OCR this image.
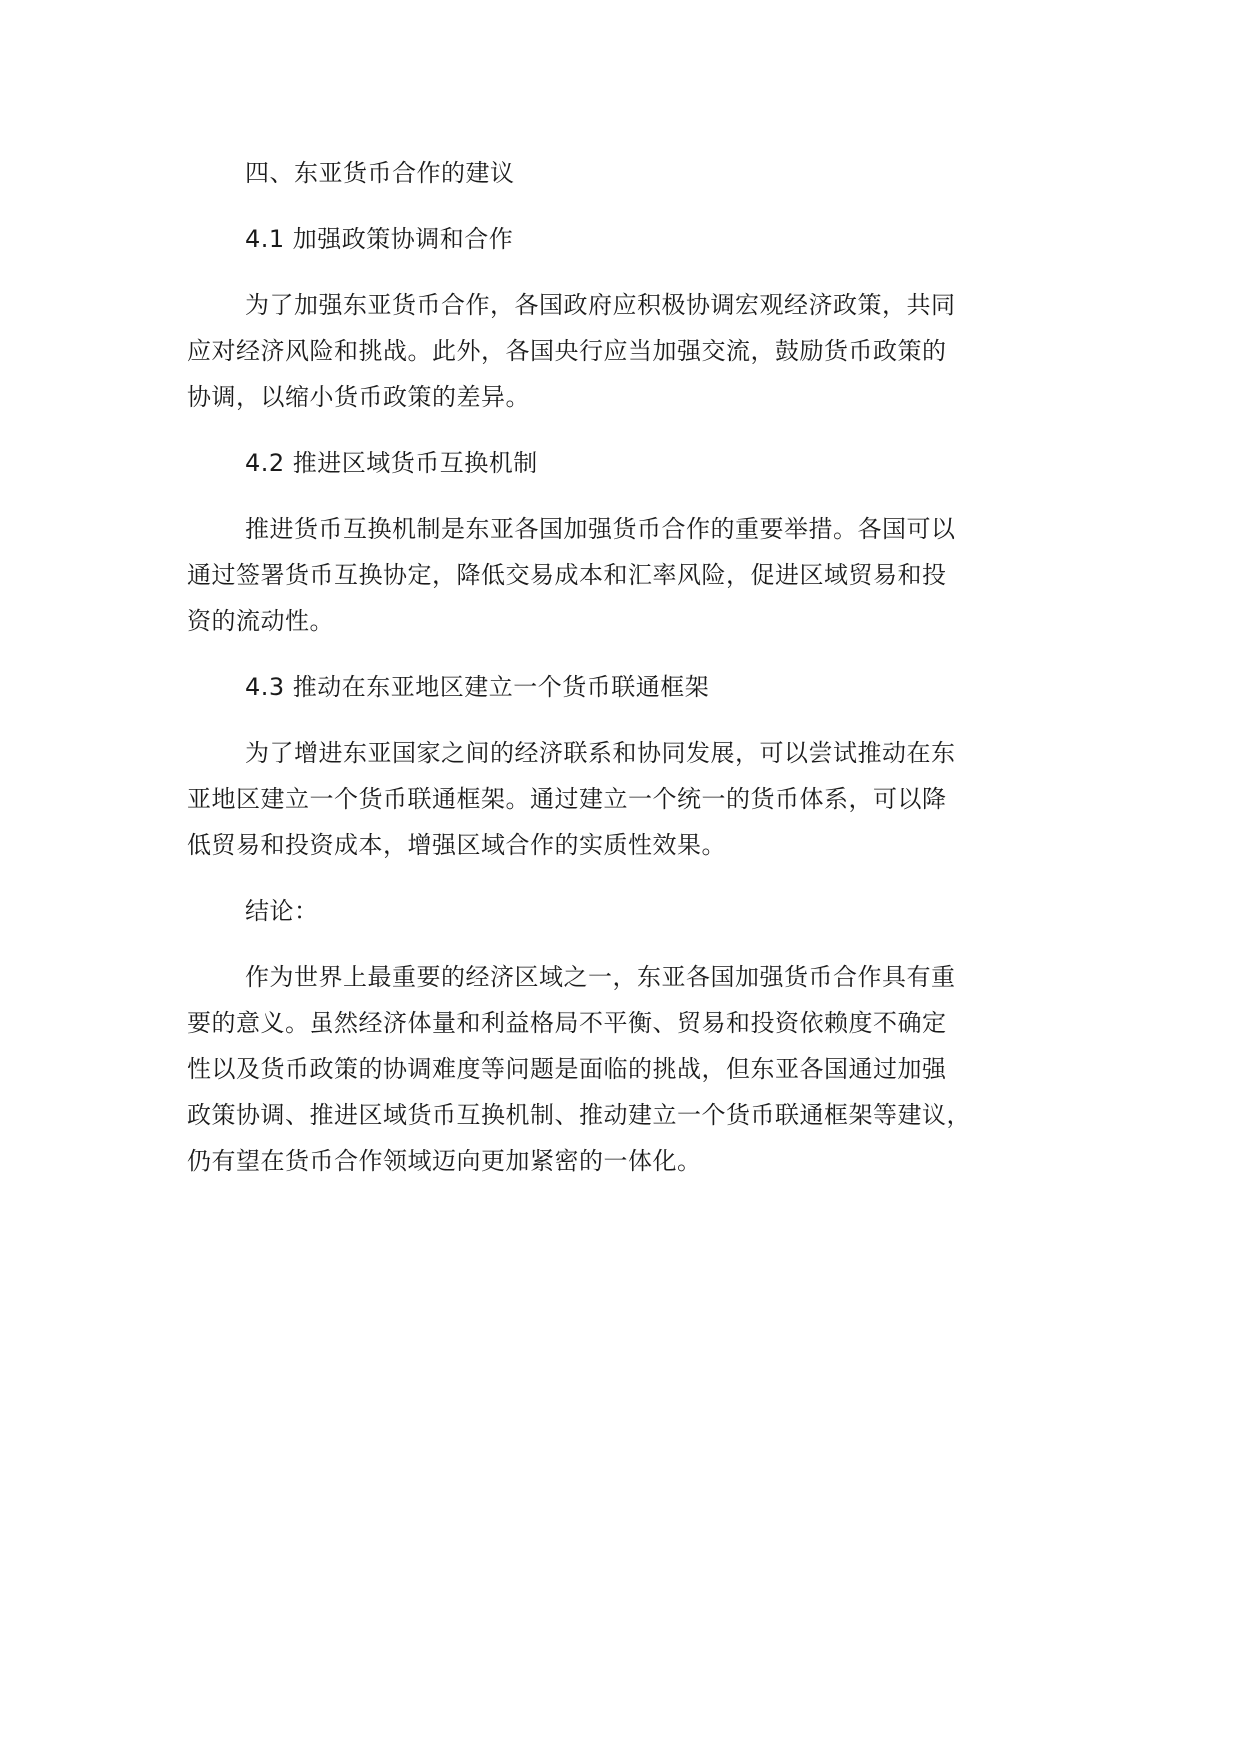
四、东亚货币合作的建议

4.1 加强政策协调和合作

为了加强东亚货币合作，各国政府应积极协调宏观经济政策，共同
应对经济风险和挑战。此外，各国央行应当加强交流，鼓励货币政策的
协调，以缩小货币政策的差异。

4.2 推进区域货币互换机制

推进货币互换机制是东亚各国加强货币合作的重要举措。各国可以
通过签署货币互换协定，降低交易成本和汇率风险，促进区域贸易和投
资的流动性。

4.3 推动在东亚地区建立一个货币联通框架

为了增进东亚国家之间的经济联系和协同发展，可以尝试推动在东
亚地区建立一个货币联通框架。通过建立一个统一的货币体系，可以降
低贸易和投资成本，增强区域合作的实质性效果。

结论：

作为世界上最重要的经济区域之一，东亚各国加强货币合作具有重
要的意义。虽然经济体量和利益格局不平衡、贸易和投资依赖度不确定
性以及货币政策的协调难度等问题是面临的挑战，但东亚各国通过加强
政策协调、推进区域货币互换机制、推动建立一个货币联通框架等建议，
仍有望在货币合作领域迈向更加紧密的一体化。
